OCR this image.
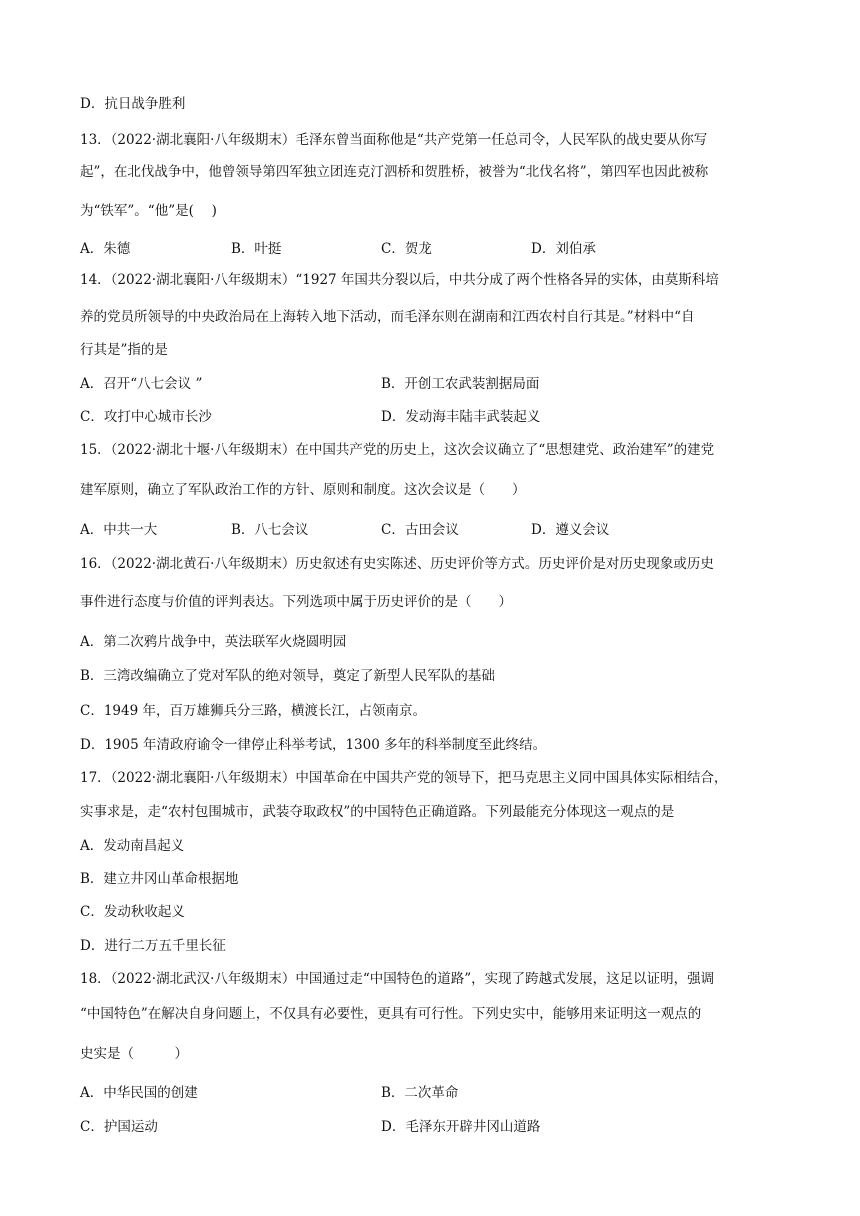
D．抗日战争胜利
13．（2022·湖北襄阳·八年级期末）毛泽东曾当面称他是“共产党第一任总司令，人民军队的战史要从你写
起”，在北伐战争中，他曾领导第四军独立团连克汀泗桥和贺胜桥，被誉为“北伐名将”，第四军也因此被称
为“铁军”。“他”是(　 )
A．朱德	B．叶挺	C．贺龙	D．刘伯承
14．（2022·湖北襄阳·八年级期末）“1927 年国共分裂以后，中共分成了两个性格各异的实体，由莫斯科培
养的党员所领导的中央政治局在上海转入地下活动，而毛泽东则在湖南和江西农村自行其是。”材料中“自
行其是”指的是
A．召开“八七会议 ”	B．开创工农武装割据局面
C．攻打中心城市长沙	D．发动海丰陆丰武装起义
15．（2022·湖北十堰·八年级期末）在中国共产党的历史上，这次会议确立了“思想建党、政治建军”的建党
建军原则，确立了军队政治工作的方针、原则和制度。这次会议是（　　）
A．中共一大	B．八七会议	C．古田会议	D．遵义会议
16．（2022·湖北黄石·八年级期末）历史叙述有史实陈述、历史评价等方式。历史评价是对历史现象或历史
事件进行态度与价值的评判表达。下列选项中属于历史评价的是（　　）
A．第二次鸦片战争中，英法联军火烧圆明园
B．三湾改编确立了党对军队的绝对领导，奠定了新型人民军队的基础
C．1949 年，百万雄狮兵分三路，横渡长江，占领南京。
D．1905 年清政府谕令一律停止科举考试，1300 多年的科举制度至此终结。
17．（2022·湖北襄阳·八年级期末）中国革命在中国共产党的领导下，把马克思主义同中国具体实际相结合，
实事求是，走“农村包围城市，武装夺取政权”的中国特色正确道路。下列最能充分体现这一观点的是
A．发动南昌起义
B．建立井冈山革命根据地
C．发动秋收起义
D．进行二万五千里长征
18．（2022·湖北武汉·八年级期末）中国通过走“中国特色的道路”，实现了跨越式发展，这足以证明，强调
“中国特色”在解决自身问题上，不仅具有必要性，更具有可行性。下列史实中，能够用来证明这一观点的
史实是（　　　）
A．中华民国的创建	B．二次革命
C．护国运动	D．毛泽东开辟井冈山道路
